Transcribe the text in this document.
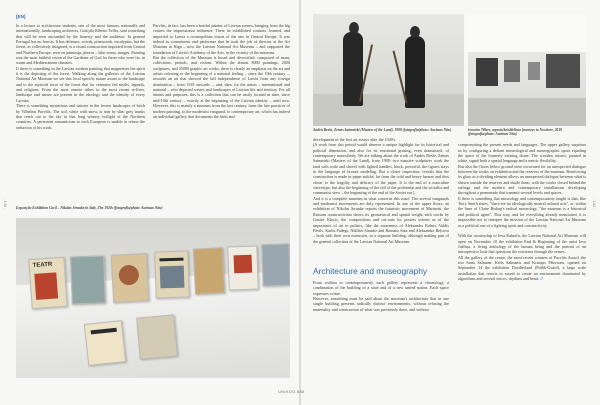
[EN]
- 140 -
In a lecture to architecture students, one of the most famous, nationally and internationally, landscaping architects, Gonçalo Ribeiro Telles, said something that will be seen astounded by the honesty and the audience. In general Portugal has no forests. It has defenses, woods, pinewoods, eucalyptus, but the forest, as collectively imagined, is a visual construction imported from Central and Northern Europe, seen on paintings, photos – labo sensu, images. Painting was the most faithful vision of the Gardener of God for those who were far, in warm and Mediterranean climates.
If there is something in the Latvian modern painting that magnetises the spirit it is the depicting of the forest. Walking along the galleries of the Latvian National Art Museum we see this local specific nature aware to the landscape and to the mystical force of the forest that for centuries fed myths, legends, and religions. From the most remote tribes to the most recent re-lives, landscape and nature are present in the ideology and the identity of every Latvian.
There is something mysterious and sinister in the frozen landscapes of birch by Vilhelms Purvītis. The soil, white with snow, is torn by slim grey trunks that reach out to the sky in that long wintery twilight of the Northern countries. A persistent romanticism in each European is unable to refuse the seduction of his work.
Purvītis, in fact, has been a fruitful painter of Latvian scenes, bringing from the big centres the impressionist influence. There he established contacts, learned, and imported to Latvia a cosmopolitan vision of the arts in Central Europe. It was indeed as connoisseur and performer that he took the job of director at the Art Museum in Riga – now the Latvian National Art Museum – and supported the foundation of Latvia's Academy of the Arts, in the vicinity of the museum.
But the collection of the Museum is broad and diversified, composed of many collections, periods, and visions. Within the almost 8000 paintings, 2000 sculptures, and 35000 graphic art works, there is clearly an emphasis on the art and artists referring to the beginning of a national feeling – since the 19th century –, towards an art that showed the full independence of Latvia from any foreign domination – from 1918 onwards –, and, then, for the artists – international and national – who depicted scenes and landscapes of Latvian life and territory. For all intents and purposes, this is a collection that can be easily located in time, since mid-19th century – exactly at the beginning of the Latvian identity – until now. However, this is mainly a museum from the last century, from the late practices of modern painting, to the modernist vanguard, to contemporary art, which has indeed an individual gallery that documents the birth and
Exposição Exhibition Cacil – Nikolas Strunke in Italy. The 1920s (fotografia/photo: Aurimas Nitu)
TEATR
- 141 -
Andris Breže, Zemes Saimnieki (Masters of the Land), 1988 (fotografia/photo: Aurimas Nitu)	Ieronim Tillers, mposto/keisldelīnos fourneys to Nowhere, 2018 (fotografia/photo: Aurimas Nitu)
development of the first art essays after the 1940's.
(A work from this period would deserve a unique highlight for its historical and political dimension, and also for its emotional grazing, even dramatized, of contemporary masculinity. We are talking about the work of Andris Breže, Zemes Saimnieki (Masters of the Land), from 1988: two massive sculptures work the land with scale and shovel with lighted handles, black, powerful, the figures stays in the language of bronze modeling. But a closer inspection, reveals that the construction is made in paper mâché, far from the cold and heavy bronze and thus closer to the fragility and delicacy of the paper. It is the end of a masculine stereotype, but also the beginning of the fall of the proletariat and the socialist and communist view – the beginning of the end of the Soviet era.)
And it is a complete museum in what concerns this issue. The several vanguards and modernist movements are duly represented. In one of the upper floors, an exhibition of Nikolas Strunke reports the futuristic movement of Marinetti, the Russian constructivism shows its geometrical and spatial weight with works by Gustav Klucis, the compositions and cut-outs for posters inform us of the importance of art in politics, like the awareness of Aleksandrs Kalnis, Valdis Pāvils, Karlis Padegs, Niklāvs Strunke and Romans Suta and Aleksandra Beļcova – both with their own extension, in a separate building, although making part of the general collection of the Latvian National Art Museum.
Architecture and museography
From realism to contemporaneity, each gallery represents a chronology, a combination of the building of a state and of a new united nation. Each space expresses a time.
However, something must be said about the museum's architecture that in one single building presents radically distinct environments, without refusing the materiality and construction of what was previously there, and without

compromising the present needs and languages. The upper gallery surprises us by configuring a defiant museological and museographic space equaling the space of the formerly existing dome. The wooden trusses, painted in white, signal both a spatial language and a metric flexibility.
But also the floors below ground were excavated for an unexpected dialogue between the works on exhibition and the reserves of the museum. Reinforcing its glass as a dividing element allows an unexpected dialogue between what is shown outside the reserves and inside them, with the works closed behind the railings and the modern and contemporary installations developing throughout a promenade that transmit several levels and spaces.
If there is something that museology and contemporaneity taught is that, like Terry Smith states, "there are no ideologically neutral cultural acts", or, within the lines of Claire Bishop's radical museology, "the museum is a historical and political agent". This way, and for everything already mentioned, it is impossible not to interpret the mission of the Latvian National Art Museum as a political one of a fighting spirit and constructivity.

With the curatorship of Ieva Kalnača, the Latvian National Art Museum will open on November 10 the exhibition End & Beginning of the artist Ieva Juščiņa, a living anthology of the human being and the portrait of an introspective look that questions the existence through the senses.
All the gallery of the centre, the most recent winners of Purvītis Award, the trio Anna Salmane, Krišs Salmanis and Kristaps Pētersons, opened on September 14 the exhibition Doodlerland (Pullik-Guard), a large scale installation that resorts to sound to create an environment dominated by algorithms and several voices, rhythms and beats. //

UNIKOO 888
